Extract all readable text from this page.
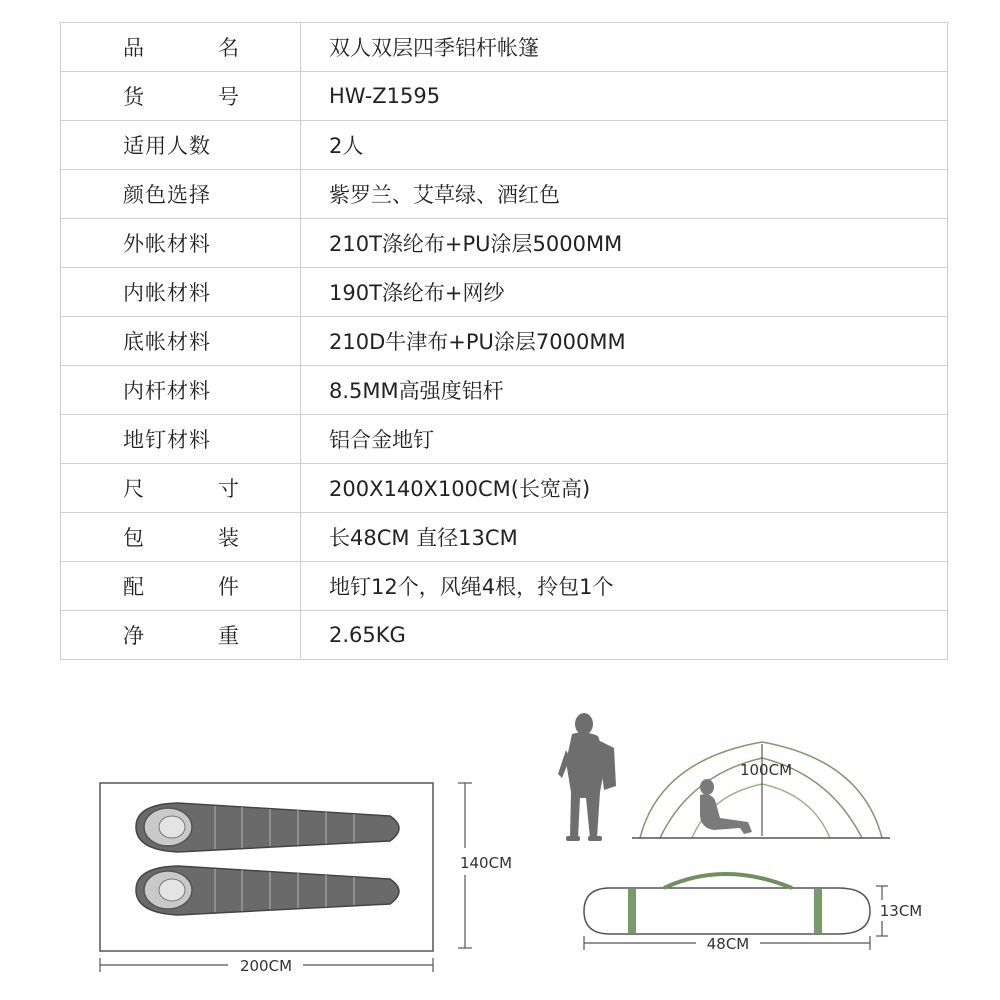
品 名	双人双层四季铝杆帐篷

货 号	HW-Z1595
适用人数	2人
颜色选择	紫罗兰、艾草绿、酒红色
外帐材料	210T涤纶布+PU涂层5000MM
内帐材料	190T涤纶布+网纱
底帐材料	210D牛津布+PU涂层7000MM
内杆材料	8.5MM高强度铝杆
地钉材料	铝合金地钉

尺 寸	200X140X100CM(长宽高)

包 装	长48CM 直径13CM

配 件	地钉12个，风绳4根，拎包1个

净 重	2.65KG
200CM
140CM
100CM
48CM
13CM
